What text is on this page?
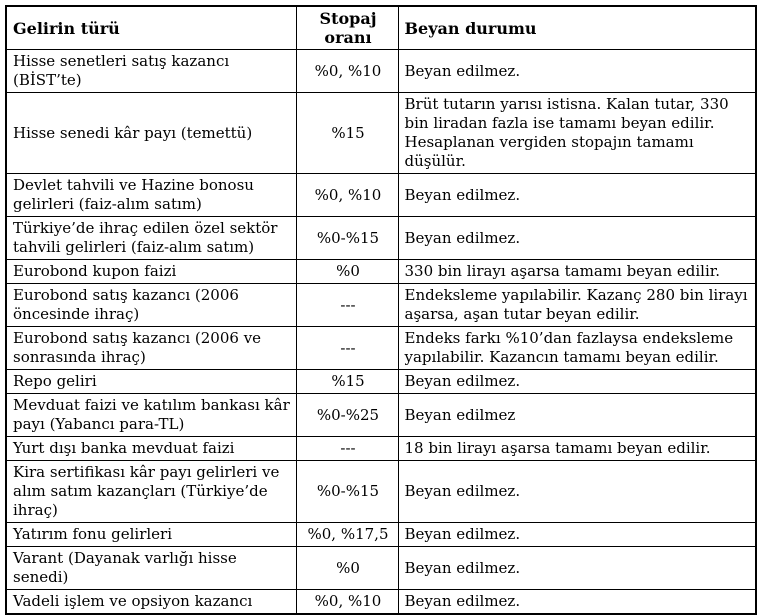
Gelirin türü	Stopaj oranı	Beyan durumu
Hisse senetleri satış kazancı (BİST’te)	%0, %10	Beyan edilmez.
Hisse senedi kâr payı (temettü)	%15	Brüt tutarın yarısı istisna. Kalan tutar, 330 bin liradan fazla ise tamamı beyan edilir. Hesaplanan vergiden stopajın tamamı düşülür.
Devlet tahvili ve Hazine bonosu gelirleri (faiz-alım satım)	%0, %10	Beyan edilmez.
Türkiye’de ihraç edilen özel sektör tahvili gelirleri (faiz-alım satım)	%0-%15	Beyan edilmez.
Eurobond kupon faizi	%0	330 bin lirayı aşarsa tamamı beyan edilir.
Eurobond satış kazancı (2006 öncesinde ihraç)	---	Endeksleme yapılabilir. Kazanç 280 bin lirayı aşarsa, aşan tutar beyan edilir.
Eurobond satış kazancı (2006 ve sonrasında ihraç)	---	Endeks farkı %10’dan fazlaysa endeksleme yapılabilir. Kazancın tamamı beyan edilir.
Repo geliri	%15	Beyan edilmez.
Mevduat faizi ve katılım bankası kâr payı (Yabancı para-TL)	%0-%25	Beyan edilmez
Yurt dışı banka mevduat faizi	---	18 bin lirayı aşarsa tamamı beyan edilir.
Kira sertifikası kâr payı gelirleri ve alım satım kazançları (Türkiye’de ihraç)	%0-%15	Beyan edilmez.
Yatırım fonu gelirleri	%0, %17,5	Beyan edilmez.
Varant (Dayanak varlığı hisse senedi)	%0	Beyan edilmez.
Vadeli işlem ve opsiyon kazancı	%0, %10	Beyan edilmez.
